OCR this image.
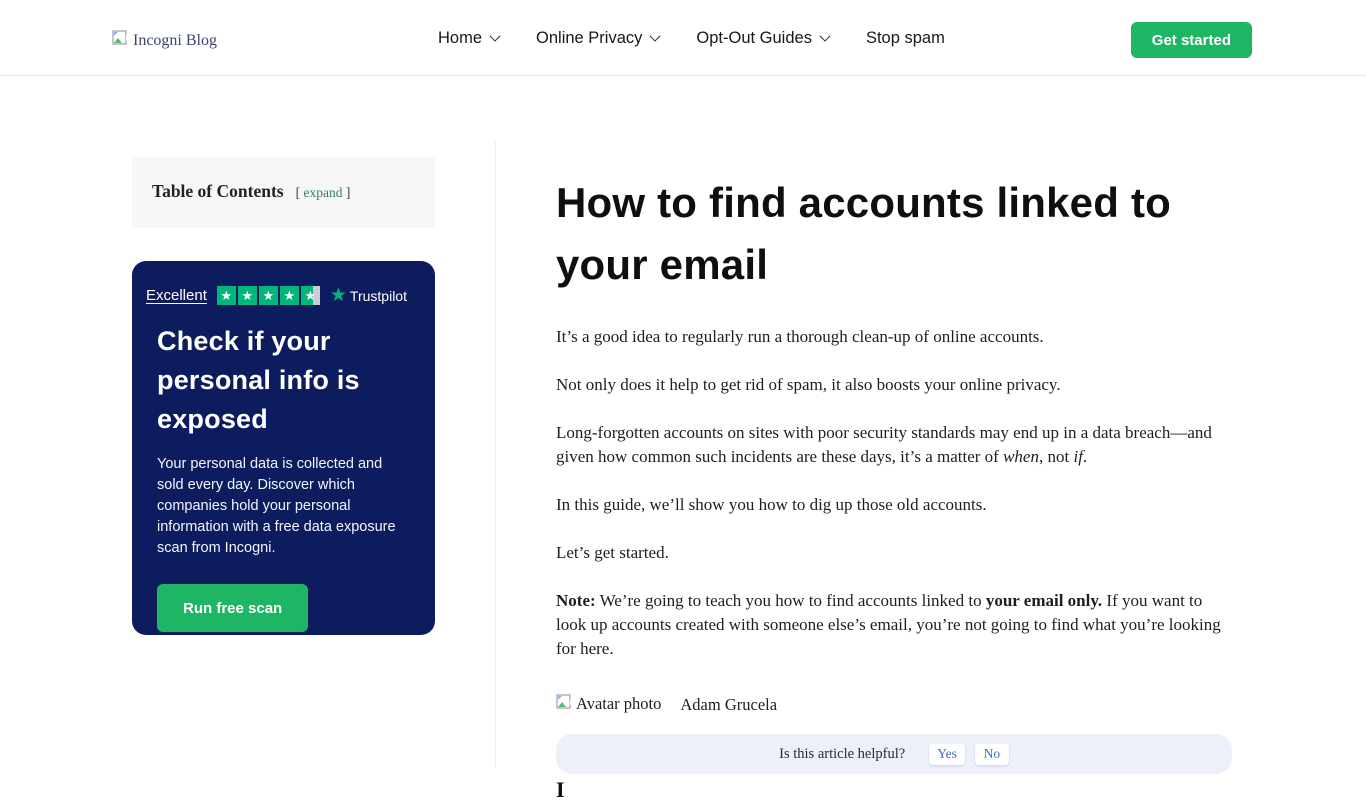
Incogni Blog	Home	Online Privacy	Opt-Out Guides	Stop spam	Get started
Table of Contents [ expand ]
Excellent ★ ★ ★ ★ ★ ★ Trustpilot
Check if your personal info is exposed
Your personal data is collected and sold every day. Discover which companies hold your personal information with a free data exposure scan from Incogni.
Run free scan
How to find accounts linked to your email

It’s a good idea to regularly run a thorough clean-up of online accounts.

Not only does it help to get rid of spam, it also boosts your online privacy.

Long-forgotten accounts on sites with poor security standards may end up in a data breach—and given how common such incidents are these days, it’s a matter of when, not if.

In this guide, we’ll show you how to dig up those old accounts.

Let’s get started.

Note: We’re going to teach you how to find accounts linked to your email only. If you want to look up accounts created with someone else’s email, you’re not going to find what you’re looking for here.

Avatar photo Adam Grucela
Is this article helpful?	Yes	No
I
